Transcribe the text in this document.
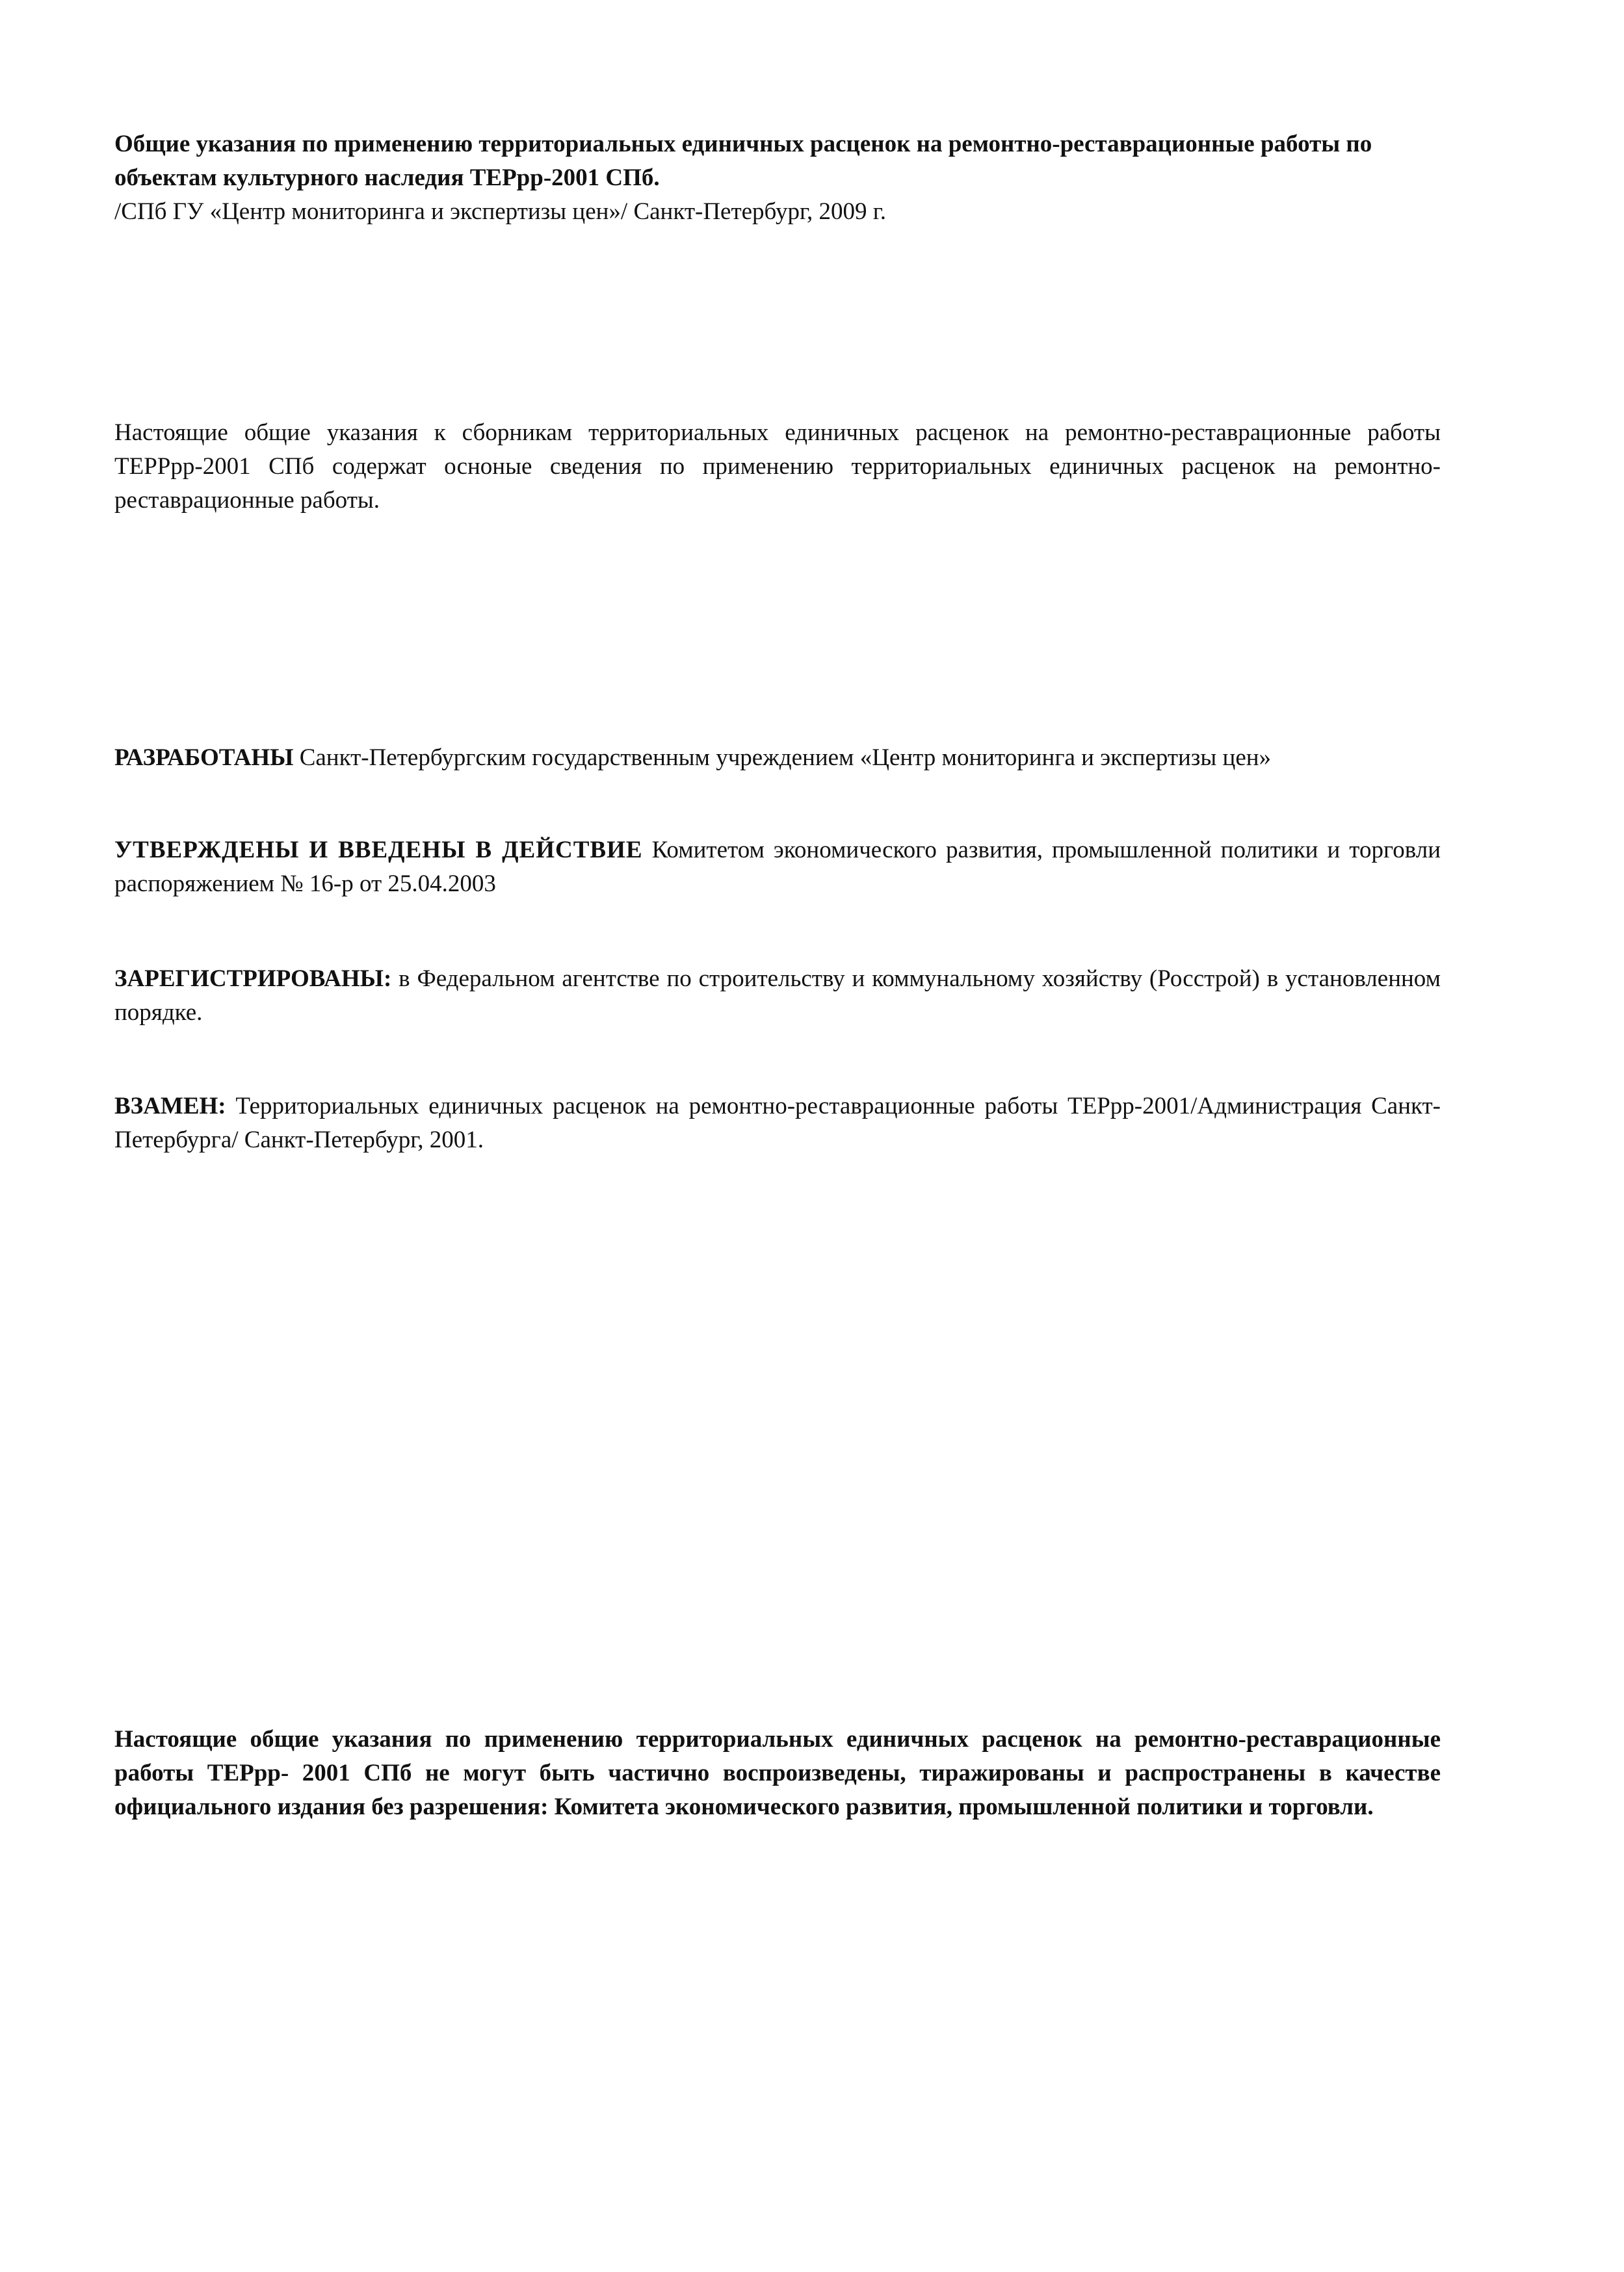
Общие указания по применению территориальных единичных расценок на ремонтно-реставрационные работы по объектам культурного наследия ТЕРрр-2001 СПб.
/СПб ГУ «Центр мониторинга и экспертизы цен»/ Санкт-Петербург, 2009 г.
Настоящие общие указания к сборникам территориальных единичных расценок на ремонтно-реставрационные работы ТЕРРрр-2001 СПб содержат осноные сведения по применению территориальных единичных расценок на ремонтно-реставрационные работы.
РАЗРАБОТАНЫ Санкт-Петербургским государственным учреждением «Центр мониторинга и экспертизы цен»
УТВЕРЖДЕНЫ И ВВЕДЕНЫ В ДЕЙСТВИЕ Комитетом экономического развития, промышленной политики и торговли распоряжением № 16-р от 25.04.2003
ЗАРЕГИСТРИРОВАНЫ: в Федеральном агентстве по строительству и коммунальному хозяйству (Росстрой) в установленном порядке.
ВЗАМЕН: Территориальных единичных расценок на ремонтно-реставрационные работы ТЕРрр-2001/Администрация Санкт-Петербурга/ Санкт-Петербург, 2001.
Настоящие общие указания по применению территориальных единичных расценок на ремонтно-реставрационные работы ТЕРрр- 2001 СПб не могут быть частично воспроизведены, тиражированы и распространены в качестве официального издания без разрешения: Комитета экономического развития, промышленной политики и торговли.
